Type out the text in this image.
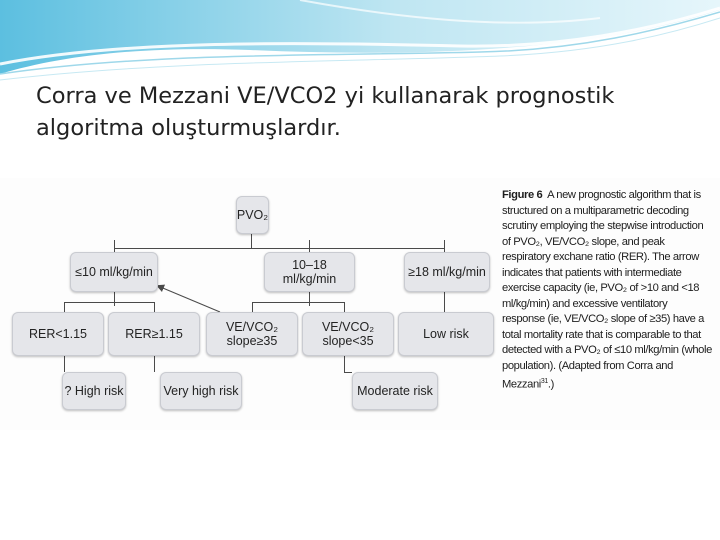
Corra ve Mezzani VE/VCO2 yi kullanarak prognostik algoritma oluşturmuşlardır.
PVO₂
≤10 ml/kg/min	10–18 ml/kg/min	≥18 ml/kg/min
RER<1.15	RER≥1.15	VE/VCO₂
slope≥35
VE/VCO₂
slope<35	Low risk
? High risk	Very high risk	Moderate risk

Figure 6 A new prognostic algorithm that is structured on a multiparametric decoding scrutiny employing the stepwise introduction of PVO₂, VE/VCO₂ slope, and peak respiratory exchane ratio (RER). The arrow indicates that patients with intermediate exercise capacity (ie, PVO₂ of >10 and <18 ml/kg/min) and excessive ventilatory response (ie, VE/VCO₂ slope of ≥35) have a total mortality rate that is comparable to that detected with a PVO₂ of ≤10 ml/kg/min (whole population). (Adapted from Corra and Mezzani$^{31}$.)
